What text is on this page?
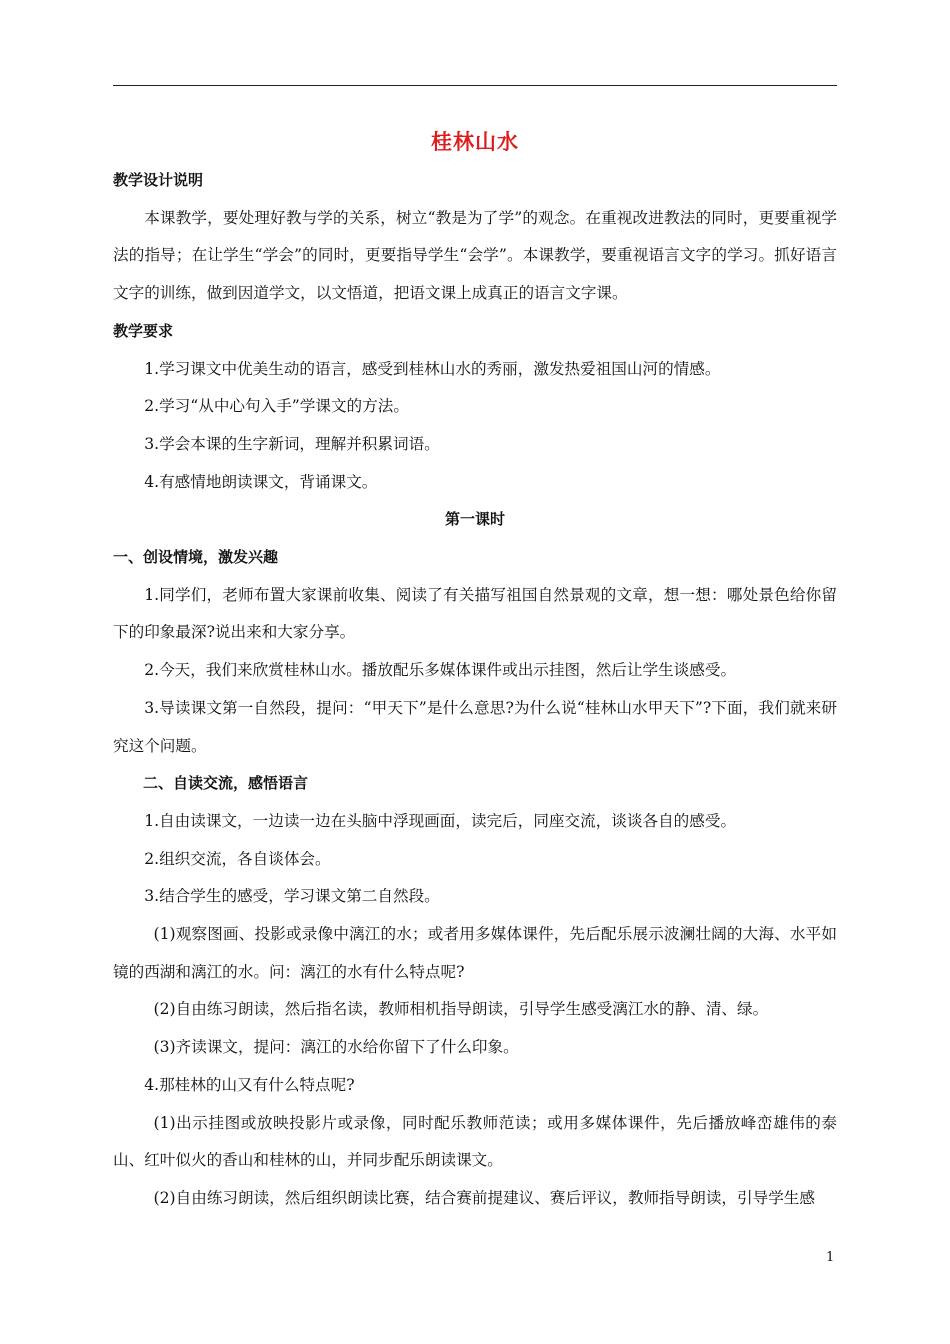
桂林山水

教学设计说明

本课教学，要处理好教与学的关系，树立“教是为了学”的观念。在重视改进教法的同时，更要重视学法的指导；在让学生“学会”的同时，更要指导学生“会学”。本课教学，要重视语言文字的学习。抓好语言文字的训练，做到因道学文，以文悟道，把语文课上成真正的语言文字课。

教学要求

1.学习课文中优美生动的语言，感受到桂林山水的秀丽，激发热爱祖国山河的情感。

2.学习“从中心句入手”学课文的方法。

3.学会本课的生字新词，理解并积累词语。

4.有感情地朗读课文，背诵课文。

第一课时

一、创设情境，激发兴趣

1.同学们，老师布置大家课前收集、阅读了有关描写祖国自然景观的文章，想一想：哪处景色给你留下的印象最深?说出来和大家分享。

2.今天，我们来欣赏桂林山水。播放配乐多媒体课件或出示挂图，然后让学生谈感受。

3.导读课文第一自然段，提问：“甲天下”是什么意思?为什么说“桂林山水甲天下”?下面，我们就来研究这个问题。

二、自读交流，感悟语言

1.自由读课文，一边读一边在头脑中浮现画面，读完后，同座交流，谈谈各自的感受。

2.组织交流，各自谈体会。

3.结合学生的感受，学习课文第二自然段。

(1)观察图画、投影或录像中漓江的水；或者用多媒体课件，先后配乐展示波澜壮阔的大海、水平如镜的西湖和漓江的水。问：漓江的水有什么特点呢?

(2)自由练习朗读，然后指名读，教师相机指导朗读，引导学生感受漓江水的静、清、绿。

(3)齐读课文，提问：漓江的水给你留下了什么印象。

4.那桂林的山又有什么特点呢?

(1)出示挂图或放映投影片或录像，同时配乐教师范读；或用多媒体课件，先后播放峰峦雄伟的泰山、红叶似火的香山和桂林的山，并同步配乐朗读课文。

(2)自由练习朗读，然后组织朗读比赛，结合赛前提建议、赛后评议，教师指导朗读，引导学生感

1
